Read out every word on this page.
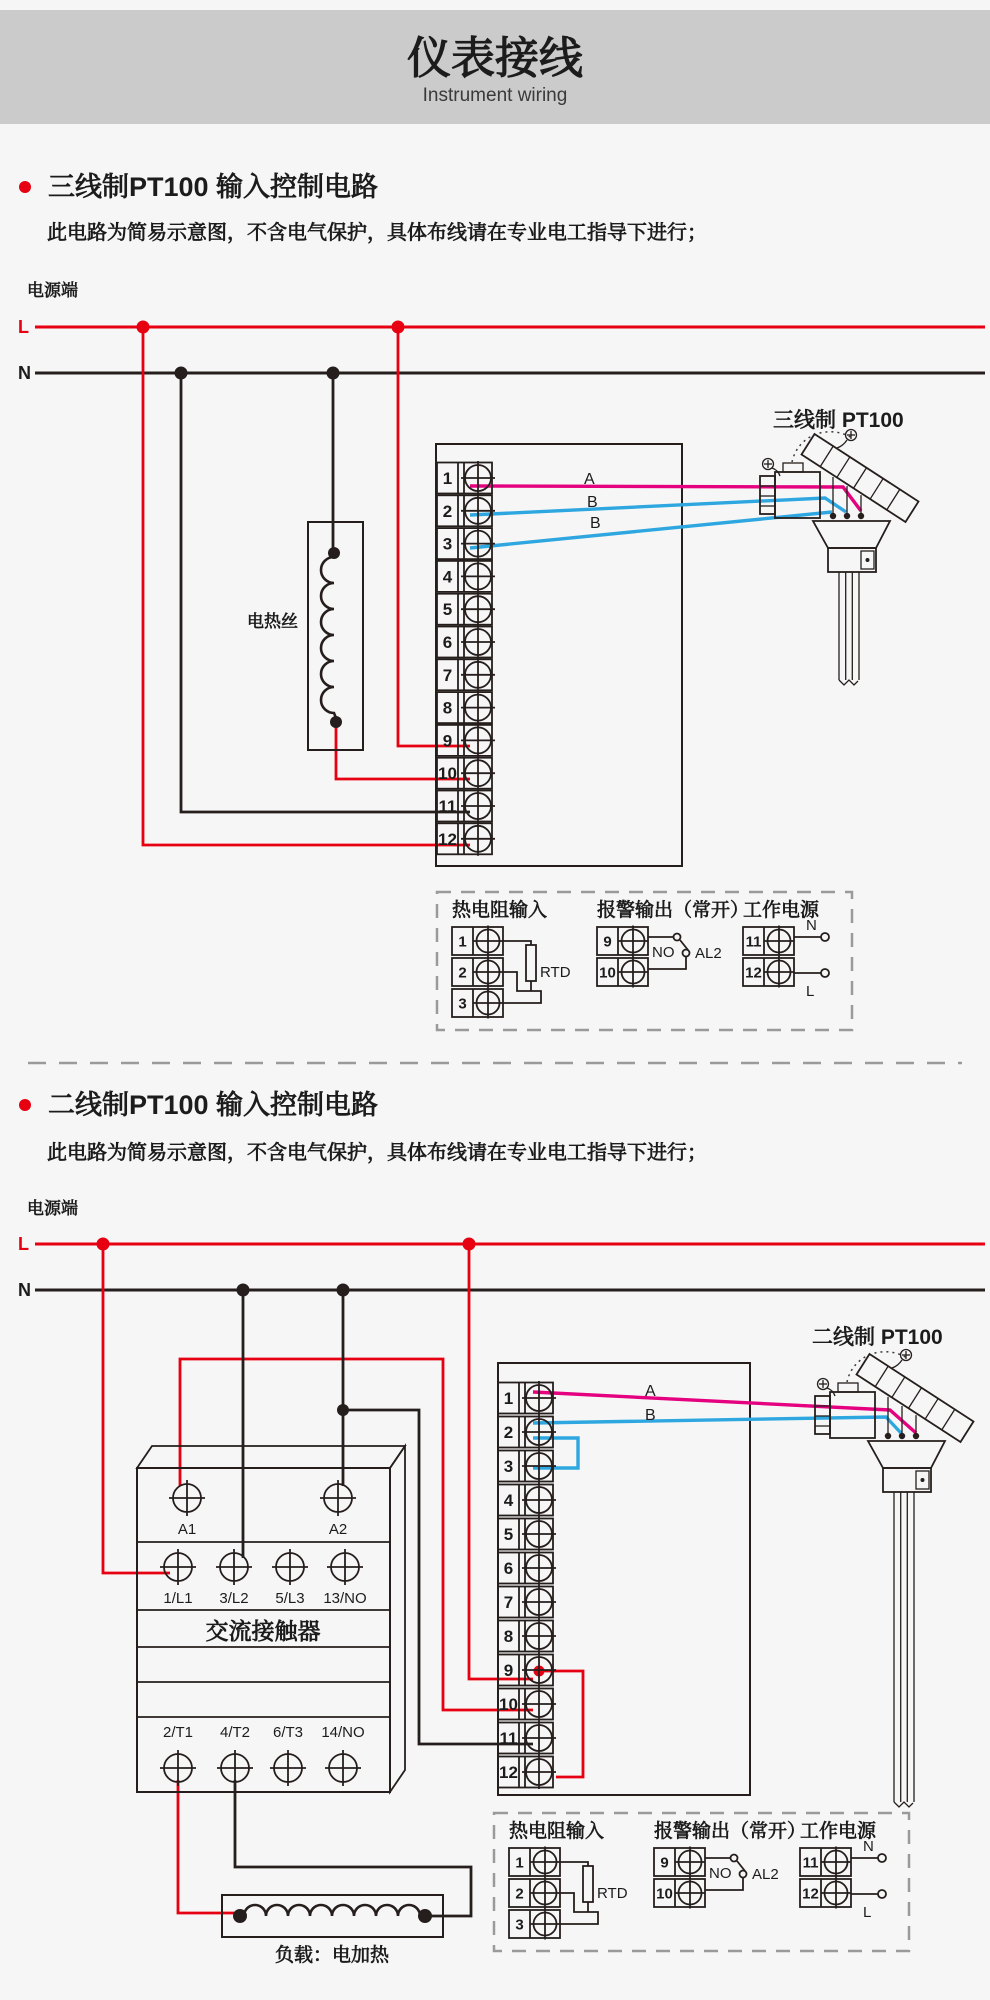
仪表接线
Instrument wiring
三线制PT100 输入控制电路
此电路为简易示意图，不含电气保护，具体布线请在专业电工指导下进行；
电源端
L
N
电热丝
A
B
B
三线制 PT100
二线制PT100 输入控制电路
此电路为简易示意图，不含电气保护，具体布线请在专业电工指导下进行；
电源端
L
N
负载：电加热
A
B
二线制 PT100
1
2
3
4
5
6
7
8
9
10
11
12
1
2
3
4
5
6
7
8
9
10
11
12
A1	A2
1/L1 3/L2 5/L3 13/NO
2/T1 4/T2 6/T3 14/NO
交流接触器
热电阻输入
1
2
3
RTD
报警输出（常开）
9
10
NO AL2
工作电源
11
12
N
L
热电阻输入
1
2
3
RTD
报警输出（常开）
9
10
NO AL2
工作电源
11
12
N
L
